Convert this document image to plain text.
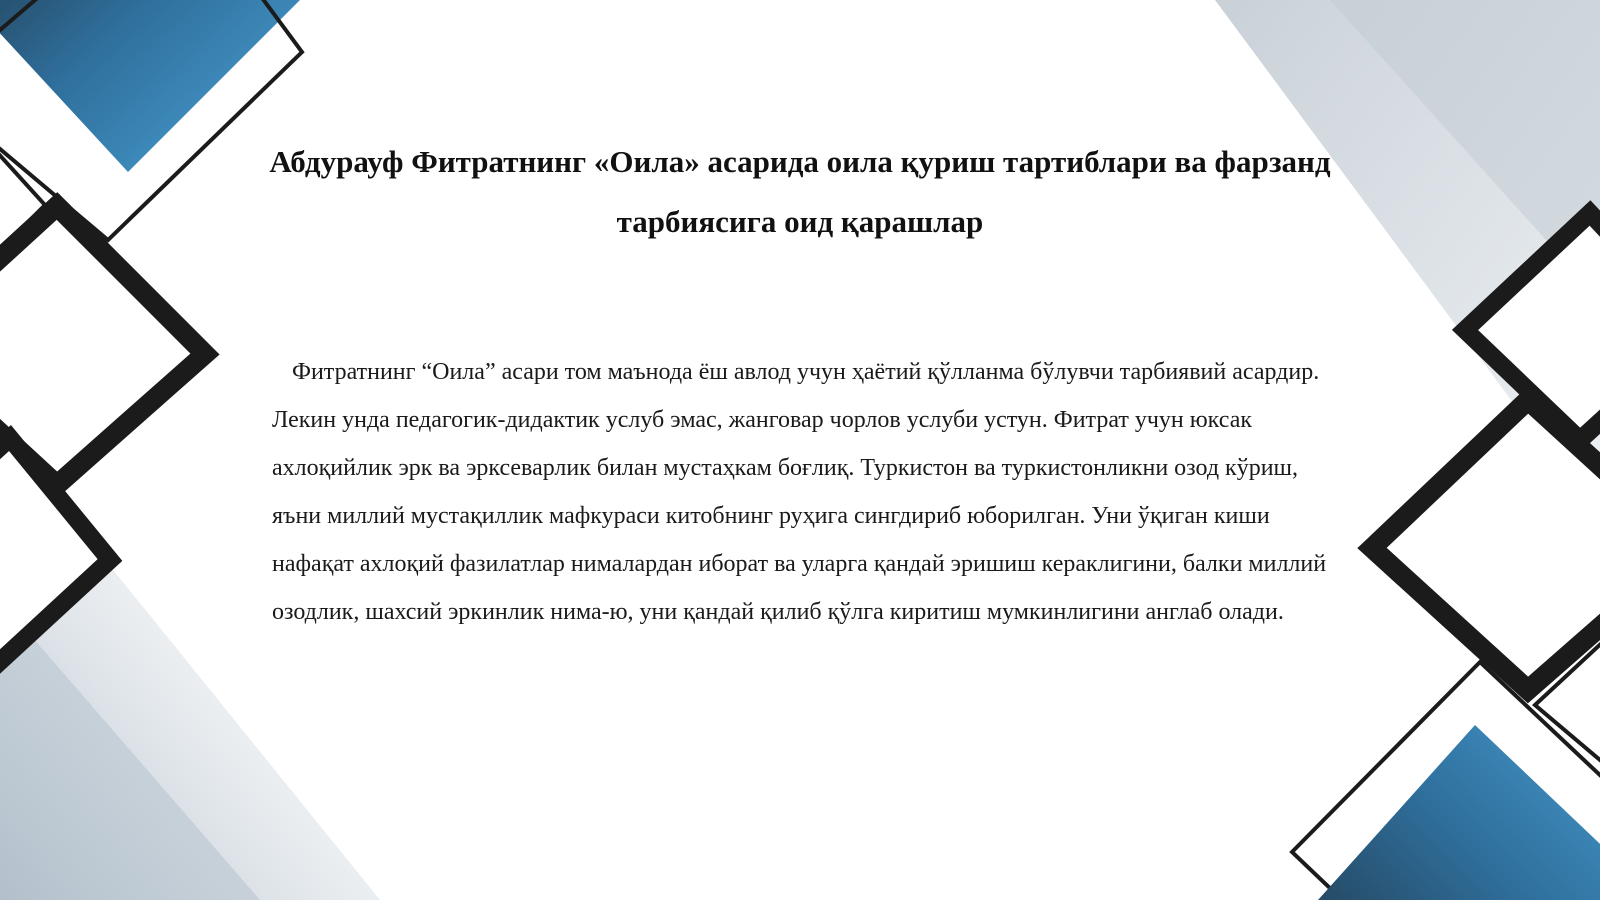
Абдурауф Фитратнинг «Оила» асарида оила қуриш тартиблари ва фарзанд тарбиясига оид қарашлар

Фитратнинг “Оила” асари том маънода ёш авлод учун ҳаётий қўлланма бўлувчи тарбиявий асардир. Лекин унда педагогик-дидактик услуб эмас, жанговар чорлов услуби устун. Фитрат учун юксак ахлоқийлик эрк ва эрксеварлик билан мустаҳкам боғлиқ. Туркистон ва туркистонликни озод кўриш, яъни миллий мустақиллик мафкураси китобнинг руҳига сингдириб юборилган. Уни ўқиган киши нафақат ахлоқий фазилатлар нималардан иборат ва уларга қандай эришиш кераклигини, балки миллий озодлик, шахсий эркинлик нима-ю, уни қандай қилиб қўлга киритиш мумкинлигини англаб олади.
